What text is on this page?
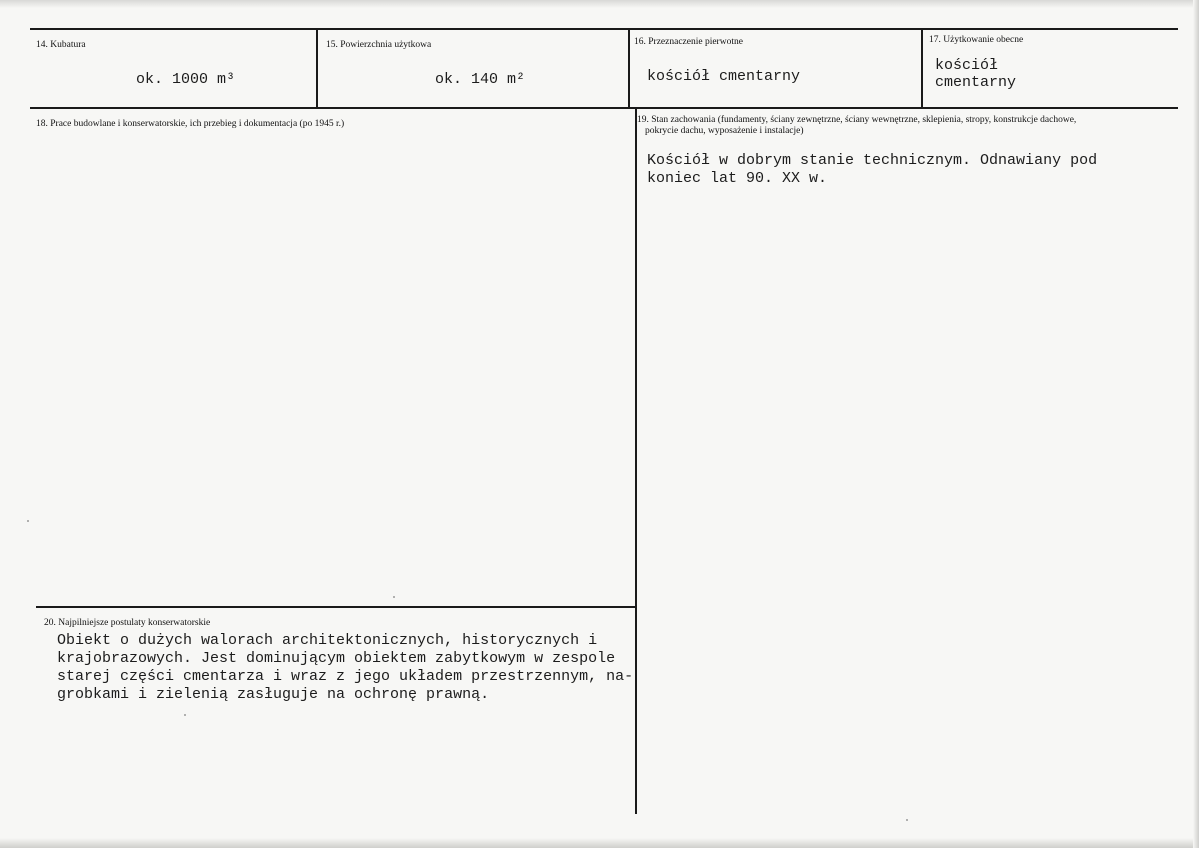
14. Kubatura
ok. 1000 m³
15. Powierzchnia użytkowa
ok. 140 m²
16. Przeznaczenie pierwotne
kościół cmentarny
17. Użytkowanie obecne
kościół
cmentarny
18. Prace budowlane i konserwatorskie, ich przebieg i dokumentacja (po 1945 r.)	19. Stan zachowania (fundamenty, ściany zewnętrzne, ściany wewnętrzne, sklepienia, stropy, konstrukcje dachowe,
pokrycie dachu, wyposażenie i instalacje)
Kościół w dobrym stanie technicznym. Odnawiany pod
koniec lat 90. XX w.
20. Najpilniejsze postulaty konserwatorskie
Obiekt o dużych walorach architektonicznych, historycznych i
krajobrazowych. Jest dominującym obiektem zabytkowym w zespole
starej części cmentarza i wraz z jego układem przestrzennym, na-
grobkami i zielenią zasługuje na ochronę prawną.
